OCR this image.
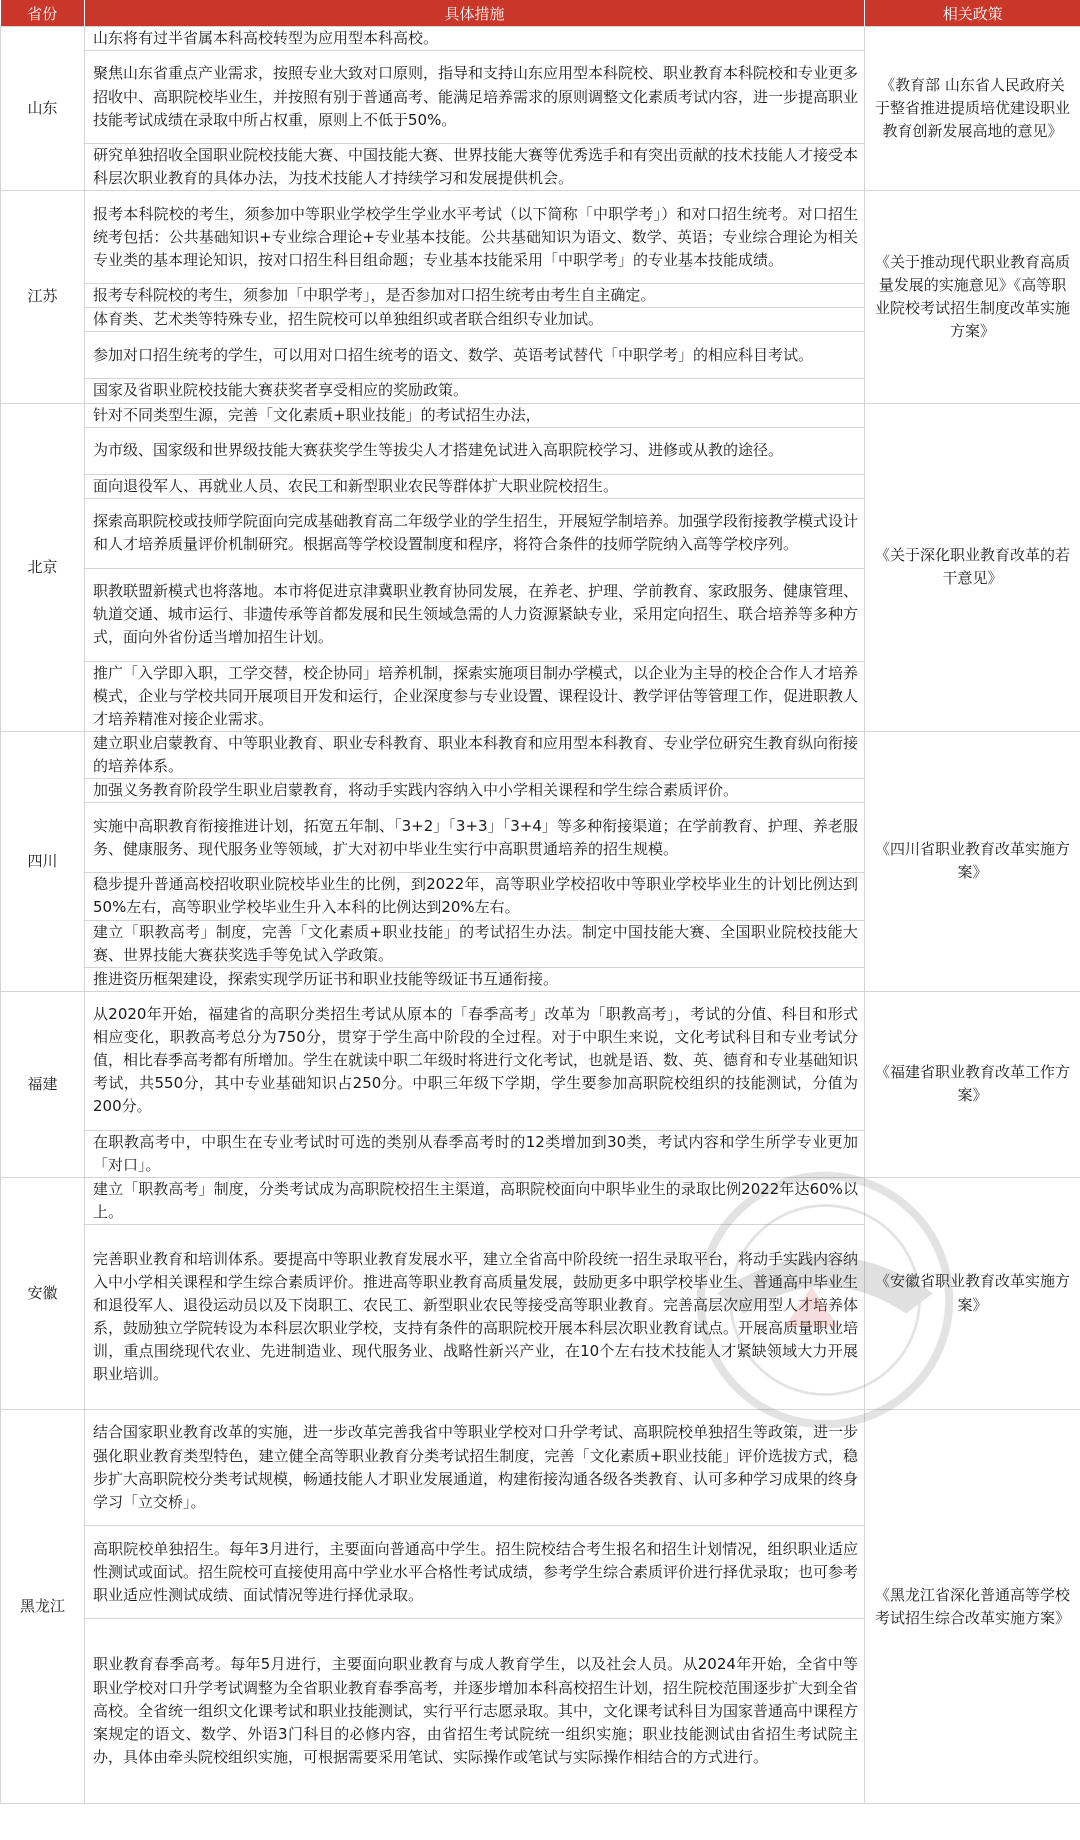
省份	具体措施	相关政策
山东	山东将有过半省属本科高校转型为应用型本科高校。	《教育部 山东省人民政府关于整省推进提质培优建设职业教育创新发展高地的意见》
	聚焦山东省重点产业需求，按照专业大致对口原则，指导和支持山东应用型本科院校、职业教育本科院校和专业更多招收中、高职院校毕业生，并按照有别于普通高考、能满足培养需求的原则调整文化素质考试内容，进一步提高职业技能考试成绩在录取中所占权重，原则上不低于50%。	
	研究单独招收全国职业院校技能大赛、中国技能大赛、世界技能大赛等优秀选手和有突出贡献的技术技能人才接受本科层次职业教育的具体办法，为技术技能人才持续学习和发展提供机会。	
江苏	报考本科院校的考生，须参加中等职业学校学生学业水平考试（以下简称「中职学考」）和对口招生统考。对口招生统考包括：公共基础知识+专业综合理论+专业基本技能。公共基础知识为语文、数学、英语；专业综合理论为相关专业类的基本理论知识，按对口招生科目组命题；专业基本技能采用「中职学考」的专业基本技能成绩。	《关于推动现代职业教育高质量发展的实施意见》《高等职业院校考试招生制度改革实施方案》
	报考专科院校的考生，须参加「中职学考」，是否参加对口招生统考由考生自主确定。	
	体育类、艺术类等特殊专业，招生院校可以单独组织或者联合组织专业加试。	
	参加对口招生统考的学生，可以用对口招生统考的语文、数学、英语考试替代「中职学考」的相应科目考试。	
	国家及省职业院校技能大赛获奖者享受相应的奖励政策。	
北京	针对不同类型生源，完善「文化素质+职业技能」的考试招生办法，	《关于深化职业教育改革的若干意见》
	为市级、国家级和世界级技能大赛获奖学生等拔尖人才搭建免试进入高职院校学习、进修或从教的途径。	
	面向退役军人、再就业人员、农民工和新型职业农民等群体扩大职业院校招生。	
	探索高职院校或技师学院面向完成基础教育高二年级学业的学生招生，开展短学制培养。加强学段衔接教学模式设计和人才培养质量评价机制研究。根据高等学校设置制度和程序，将符合条件的技师学院纳入高等学校序列。	
	职教联盟新模式也将落地。本市将促进京津冀职业教育协同发展，在养老、护理、学前教育、家政服务、健康管理、轨道交通、城市运行、非遗传承等首都发展和民生领域急需的人力资源紧缺专业，采用定向招生、联合培养等多种方式，面向外省份适当增加招生计划。	
	推广「入学即入职，工学交替，校企协同」培养机制，探索实施项目制办学模式，以企业为主导的校企合作人才培养模式，企业与学校共同开展项目开发和运行，企业深度参与专业设置、课程设计、教学评估等管理工作，促进职教人才培养精准对接企业需求。	
四川	建立职业启蒙教育、中等职业教育、职业专科教育、职业本科教育和应用型本科教育、专业学位研究生教育纵向衔接的培养体系。	《四川省职业教育改革实施方案》
	加强义务教育阶段学生职业启蒙教育，将动手实践内容纳入中小学相关课程和学生综合素质评价。	
	实施中高职教育衔接推进计划，拓宽五年制、「3+2」「3+3」「3+4」等多种衔接渠道；在学前教育、护理、养老服务、健康服务、现代服务业等领域，扩大对初中毕业生实行中高职贯通培养的招生规模。	
	稳步提升普通高校招收职业院校毕业生的比例，到2022年，高等职业学校招收中等职业学校毕业生的计划比例达到50%左右，高等职业学校毕业生升入本科的比例达到20%左右。	
	建立「职教高考」制度，完善「文化素质+职业技能」的考试招生办法。制定中国技能大赛、全国职业院校技能大赛、世界技能大赛获奖选手等免试入学政策。	
	推进资历框架建设，探索实现学历证书和职业技能等级证书互通衔接。	
福建	从2020年开始，福建省的高职分类招生考试从原本的「春季高考」改革为「职教高考」，考试的分值、科目和形式相应变化，职教高考总分为750分，贯穿于学生高中阶段的全过程。对于中职生来说，文化考试科目和专业考试分值，相比春季高考都有所增加。学生在就读中职二年级时将进行文化考试，也就是语、数、英、德育和专业基础知识考试，共550分，其中专业基础知识占250分。中职三年级下学期，学生要参加高职院校组织的技能测试，分值为200分。	《福建省职业教育改革工作方案》
	在职教高考中，中职生在专业考试时可选的类别从春季高考时的12类增加到30类，考试内容和学生所学专业更加「对口」。	
安徽	建立「职教高考」制度，分类考试成为高职院校招生主渠道，高职院校面向中职毕业生的录取比例2022年达60%以上。	《安徽省职业教育改革实施方案》
	完善职业教育和培训体系。要提高中等职业教育发展水平，建立全省高中阶段统一招生录取平台，将动手实践内容纳入中小学相关课程和学生综合素质评价。推进高等职业教育高质量发展，鼓励更多中职学校毕业生、普通高中毕业生和退役军人、退役运动员以及下岗职工、农民工、新型职业农民等接受高等职业教育。完善高层次应用型人才培养体系，鼓励独立学院转设为本科层次职业学校，支持有条件的高职院校开展本科层次职业教育试点。开展高质量职业培训，重点围绕现代农业、先进制造业、现代服务业、战略性新兴产业，在10个左右技术技能人才紧缺领域大力开展职业培训。	
黑龙江	结合国家职业教育改革的实施，进一步改革完善我省中等职业学校对口升学考试、高职院校单独招生等政策，进一步强化职业教育类型特色，建立健全高等职业教育分类考试招生制度，完善「文化素质+职业技能」评价选拔方式，稳步扩大高职院校分类考试规模，畅通技能人才职业发展通道，构建衔接沟通各级各类教育、认可多种学习成果的终身学习「立交桥」。	《黑龙江省深化普通高等学校考试招生综合改革实施方案》
	高职院校单独招生。每年3月进行，主要面向普通高中学生。招生院校结合考生报名和招生计划情况，组织职业适应性测试或面试。招生院校可直接使用高中学业水平合格性考试成绩，参考学生综合素质评价进行择优录取；也可参考职业适应性测试成绩、面试情况等进行择优录取。	
	职业教育春季高考。每年5月进行，主要面向职业教育与成人教育学生，以及社会人员。从2024年开始，全省中等职业学校对口升学考试调整为全省职业教育春季高考，并逐步增加本科高校招生计划，招生院校范围逐步扩大到全省高校。全省统一组织文化课考试和职业技能测试，实行平行志愿录取。其中，文化课考试科目为国家普通高中课程方案规定的语文、数学、外语3门科目的必修内容，由省招生考试院统一组织实施；职业技能测试由省招生考试院主办，具体由牵头院校组织实施，可根据需要采用笔试、实际操作或笔试与实际操作相结合的方式进行。	
